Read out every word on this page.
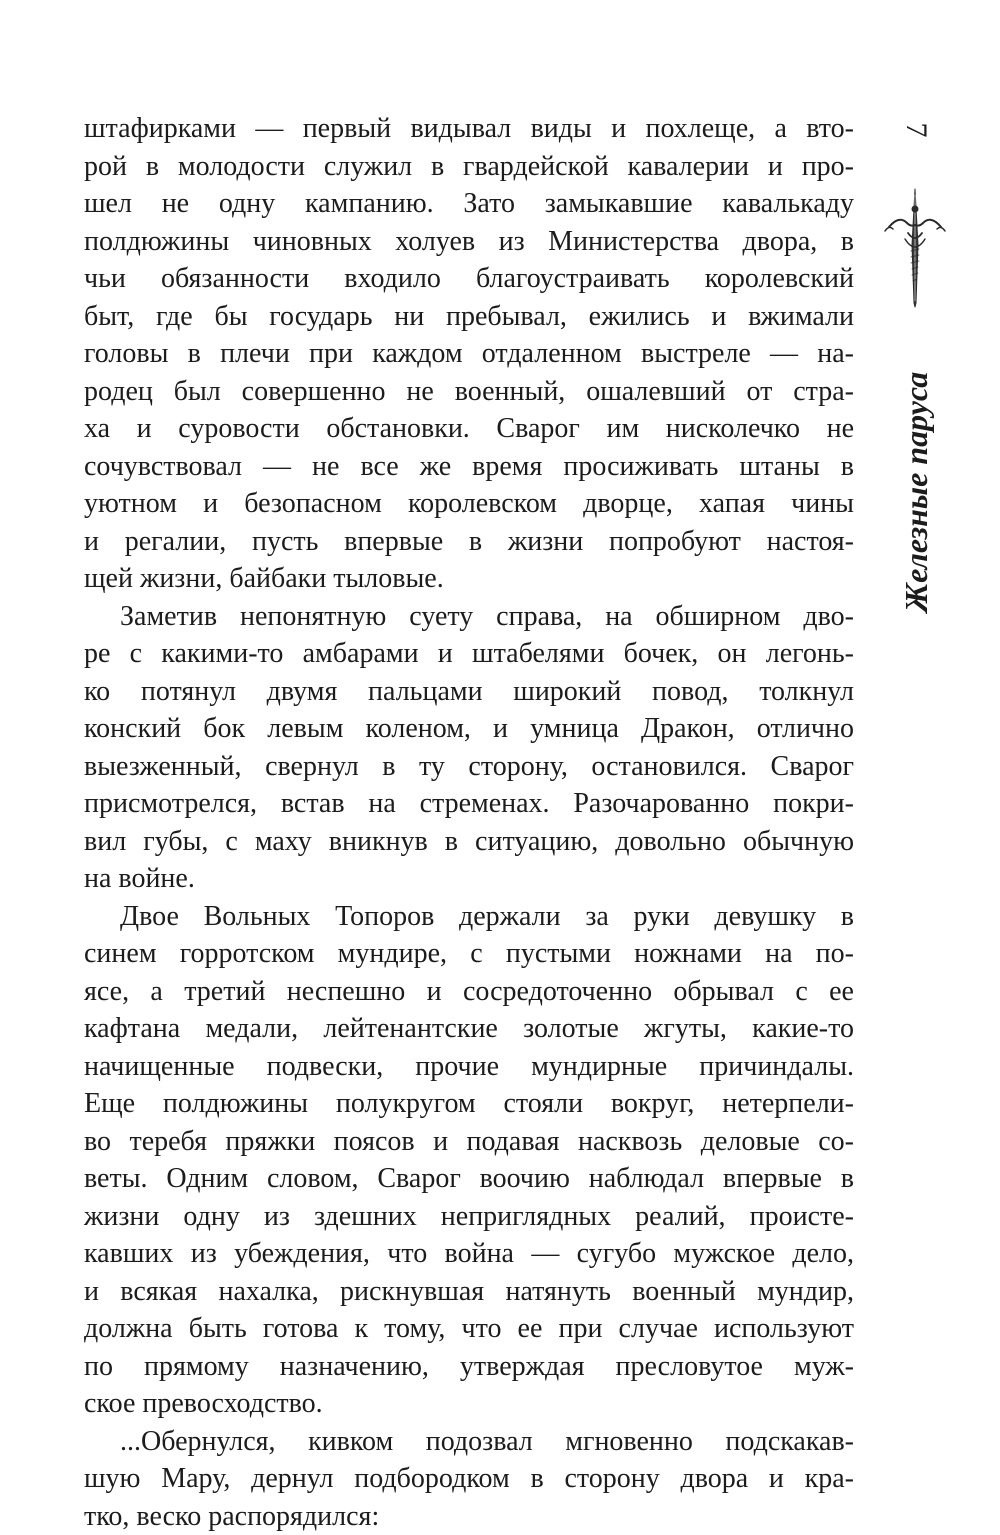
штафирками — первый видывал виды и похлеще, а вто-
рой в молодости служил в гвардейской кавалерии и про-
шел не одну кампанию. Зато замыкавшие кавалькаду
полдюжины чиновных холуев из Министерства двора, в
чьи обязанности входило благоустраивать королевский
быт, где бы государь ни пребывал, ежились и вжимали
головы в плечи при каждом отдаленном выстреле — на-
родец был совершенно не военный, ошалевший от стра-
ха и суровости обстановки. Сварог им нисколечко не
сочувствовал — не все же время просиживать штаны в
уютном и безопасном королевском дворце, хапая чины
и регалии, пусть впервые в жизни попробуют настоя-
щей жизни, байбаки тыловые.

Заметив непонятную суету справа, на обширном дво-
ре с какими-то амбарами и штабелями бочек, он легонь-
ко потянул двумя пальцами широкий повод, толкнул
конский бок левым коленом, и умница Дракон, отлично
выезженный, свернул в ту сторону, остановился. Сварог
присмотрелся, встав на стременах. Разочарованно покри-
вил губы, с маху вникнув в ситуацию, довольно обычную
на войне.

Двое Вольных Топоров держали за руки девушку в
синем горротском мундире, с пустыми ножнами на по-
ясе, а третий неспешно и сосредоточенно обрывал с ее
кафтана медали, лейтенантские золотые жгуты, какие-то
начищенные подвески, прочие мундирные причиндалы.
Еще полдюжины полукругом стояли вокруг, нетерпели-
во теребя пряжки поясов и подавая насквозь деловые со-
веты. Одним словом, Сварог воочию наблюдал впервые в
жизни одну из здешних неприглядных реалий, происте-
кавших из убеждения, что война — сугубо мужское дело,
и всякая нахалка, рискнувшая натянуть военный мундир,
должна быть готова к тому, что ее при случае используют
по прямому назначению, утверждая пресловутое муж-
ское превосходство.

...Обернулся, кивком подозвал мгновенно подскакав-
шую Мару, дернул подбородком в сторону двора и кра-
тко, веско распорядился:

7
Железные паруса
